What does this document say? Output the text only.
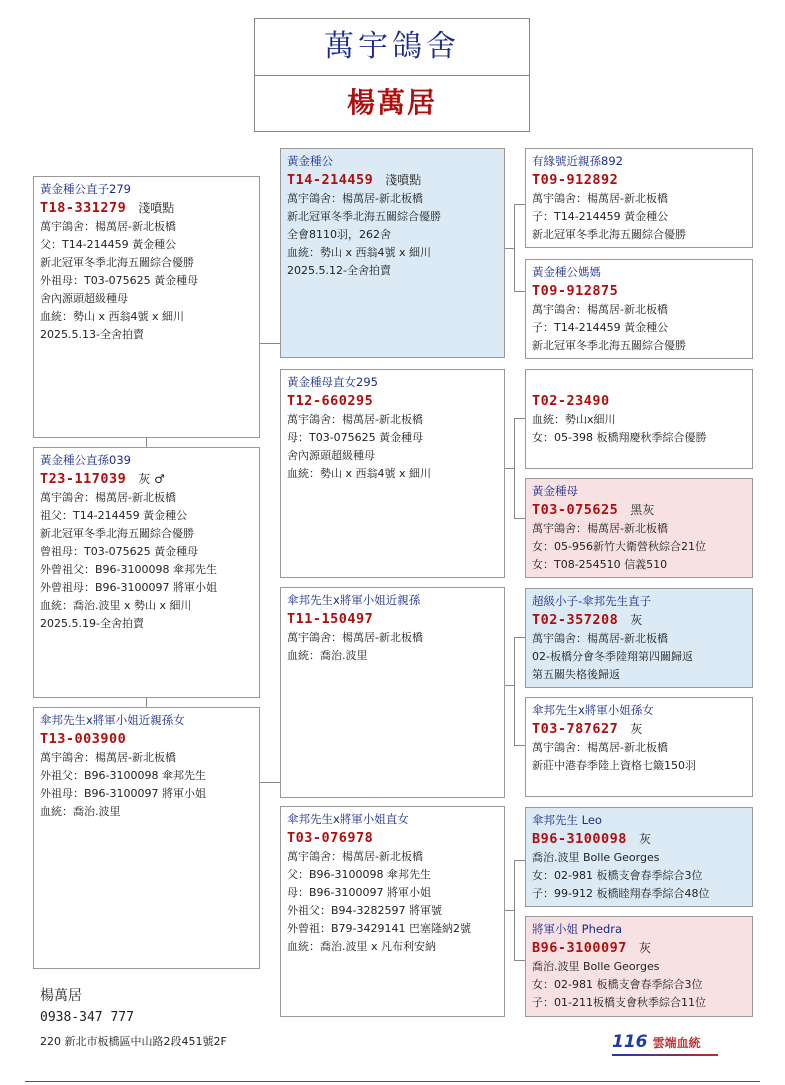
萬宇鴿舍
楊萬居
黃金種公直子279
T18-331279 淺噴點
萬宇鴿舍：楊萬居-新北板橋
父：T14-214459 黃金種公
新北冠軍冬季北海五關綜合優勝
外祖母：T03-075625 黃金種母
舍內源頭超級種母
血統：勢山 x 西翁4號 x 細川
2025.5.13-全舍拍賣
黃金種公直孫039
T23-117039 灰 ♂
萬宇鴿舍：楊萬居-新北板橋
祖父：T14-214459 黃金種公
新北冠軍冬季北海五關綜合優勝
曾祖母：T03-075625 黃金種母
外曾祖父：B96-3100098 傘邦先生
外曾祖母：B96-3100097 將軍小姐
血統：喬治.波里 x 勢山 x 細川
2025.5.19-全舍拍賣
傘邦先生x將軍小姐近親孫女
T13-003900
萬宇鴿舍：楊萬居-新北板橋
外祖父：B96-3100098 傘邦先生
外祖母：B96-3100097 將軍小姐
血統：喬治.波里
黃金種公
T14-214459 淺噴點
萬宇鴿舍：楊萬居-新北板橋
新北冠軍冬季北海五關綜合優勝
全會8110羽，262舍
血統：勢山 x 西翁4號 x 細川
2025.5.12-全舍拍賣
黃金種母直女295
T12-660295
萬宇鴿舍：楊萬居-新北板橋
母：T03-075625 黃金種母
舍內源頭超級種母
血統：勢山 x 西翁4號 x 細川
傘邦先生x將軍小姐近親孫
T11-150497
萬宇鴿舍：楊萬居-新北板橋
血統：喬治.波里
傘邦先生x將軍小姐直女
T03-076978
萬宇鴿舍：楊萬居-新北板橋
父：B96-3100098 傘邦先生
母：B96-3100097 將軍小姐
外祖父：B94-3282597 將軍號
外曾祖：B79-3429141 巴塞隆納2號
血統：喬治.波里 x 凡布利安納
有緣號近親孫892
T09-912892
萬宇鴿舍：楊萬居-新北板橋
子：T14-214459 黃金種公
新北冠軍冬季北海五關綜合優勝
黃金種公媽媽
T09-912875
萬宇鴿舍：楊萬居-新北板橋
子：T14-214459 黃金種公
新北冠軍冬季北海五關綜合優勝
T02-23490
血統：勢山x細川
女：05-398 板橋翔慶秋季綜合優勝
黃金種母
T03-075625 黑灰
萬宇鴿舍：楊萬居-新北板橋
女：05-956新竹大衛營秋綜合21位
女：T08-254510 信義510
超級小子-傘邦先生直子
T02-357208 灰
萬宇鴿舍：楊萬居-新北板橋
02-板橋分會冬季陸翔第四關歸返
第五關失格後歸返
傘邦先生x將軍小姐孫女
T03-787627 灰
萬宇鴿舍：楊萬居-新北板橋
新莊中港春季陸上資格七簸150羽
傘邦先生 Leo
B96-3100098 灰
喬治.波里 Bolle Georges
女：02-981 板橋支會春季綜合3位
子：99-912 板橋睦翔春季綜合48位
將軍小姐 Phedra
B96-3100097 灰
喬治.波里 Bolle Georges
女：02-981 板橋支會春季綜合3位
子：01-211板橋支會秋季綜合11位
楊萬居
0938-347 777
220 新北市板橋區中山路2段451號2F	116 雲端血統
